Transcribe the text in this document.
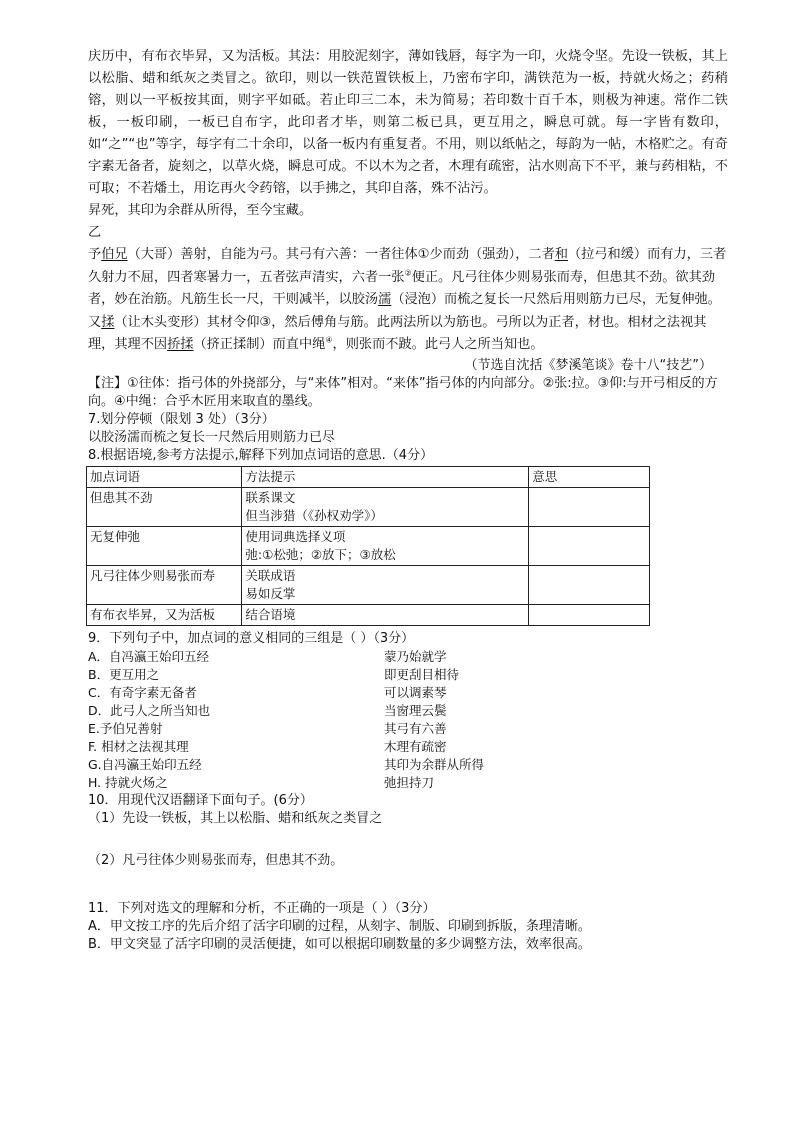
庆历中，有布衣毕昇，又为活板。其法：用胶泥刻字，薄如钱唇，每字为一印，火烧令坚。先设一铁板，其上以松脂、蜡和纸灰之类冒之。欲印，则以一铁范置铁板上，乃密布字印，满铁范为一板，持就火炀之；药稍镕，则以一平板按其面，则字平如砥。若止印三二本，未为简易；若印数十百千本，则极为神速。常作二铁板，一板印刷，一板已自布字，此印者才毕，则第二板已具，更互用之，瞬息可就。每一字皆有数印，如“之”“也”等字，每字有二十余印，以备一板内有重复者。不用，则以纸帖之，每韵为一帖，木格贮之。有奇字素无备者，旋刻之，以草火烧，瞬息可成。不以木为之者，木理有疏密，沾水则高下不平，兼与药相粘，不可取；不若燔土，用讫再火令药镕，以手拂之，其印自落，殊不沾污。
昇死，其印为余群从所得，至今宝藏。
乙
予伯兄（大哥）善射，自能为弓。其弓有六善：一者往体①少而劲（强劲），二者和（拉弓和缓）而有力，三者久射力不屈，四者寒暑力一，五者弦声清实，六者一张②便正。凡弓往体少则易张而寿，但患其不劲。欲其劲者，妙在治筋。凡筋生长一尺，干则减半，以胶汤濡（浸泡）而梳之复长一尺然后用则筋力已尽，无复伸弛。又揉（让木头变形）其材令仰③，然后傅角与筋。此两法所以为筋也。弓所以为正者，材也。相材之法视其理，其理不因挢揉（挤正揉制）而直中绳④，则张而不跛。此弓人之所当知也。
（节选自沈括《梦溪笔谈》卷十八“技艺”）
【注】①往体：指弓体的外挠部分，与“来体”相对。“来体”指弓体的内向部分。②张:拉。③仰:与开弓相反的方向。④中绳：合乎木匠用来取直的墨线。
7.划分停顿（限划 3 处）（3分）
以胶汤濡而梳之复长一尺然后用则筋力已尽
8.根据语境,参考方法提示,解释下列加点词语的意思.（4分）
加点词语	方法提示	意思
但患其不劲	联系课文
但当涉猎（《孙权劝学》）	

无复伸弛	使用词典选择义项
弛:①松弛；②放下；③放松	

凡弓往体少则易张而寿	关联成语
易如反掌	

有布衣毕昇，又为活板	结合语境	

9．下列句子中，加点词的意义相同的三组是（ ）（3分）
A．自冯瀛王始印五经	蒙乃始就学
B．更互用之	即更刮目相待
C．有奇字素无备者	可以调素琴
D．此弓人之所当知也	当窗理云鬓
E.予伯兄善射	其弓有六善
F. 相材之法视其理	木理有疏密
G.自冯瀛王始印五经	其印为余群从所得
H. 持就火炀之	弛担持刀
10．用现代汉语翻译下面句子。(6分）
（1）先设一铁板，其上以松脂、蜡和纸灰之类冒之
（2）凡弓往体少则易张而寿，但患其不劲。
11．下列对选文的理解和分析，不正确的一项是（ ）（3分）
A．甲文按工序的先后介绍了活字印刷的过程，从刻字、制版、印刷到拆版，条理清晰。
B．甲文突显了活字印刷的灵活便捷，如可以根据印刷数量的多少调整方法，效率很高。
